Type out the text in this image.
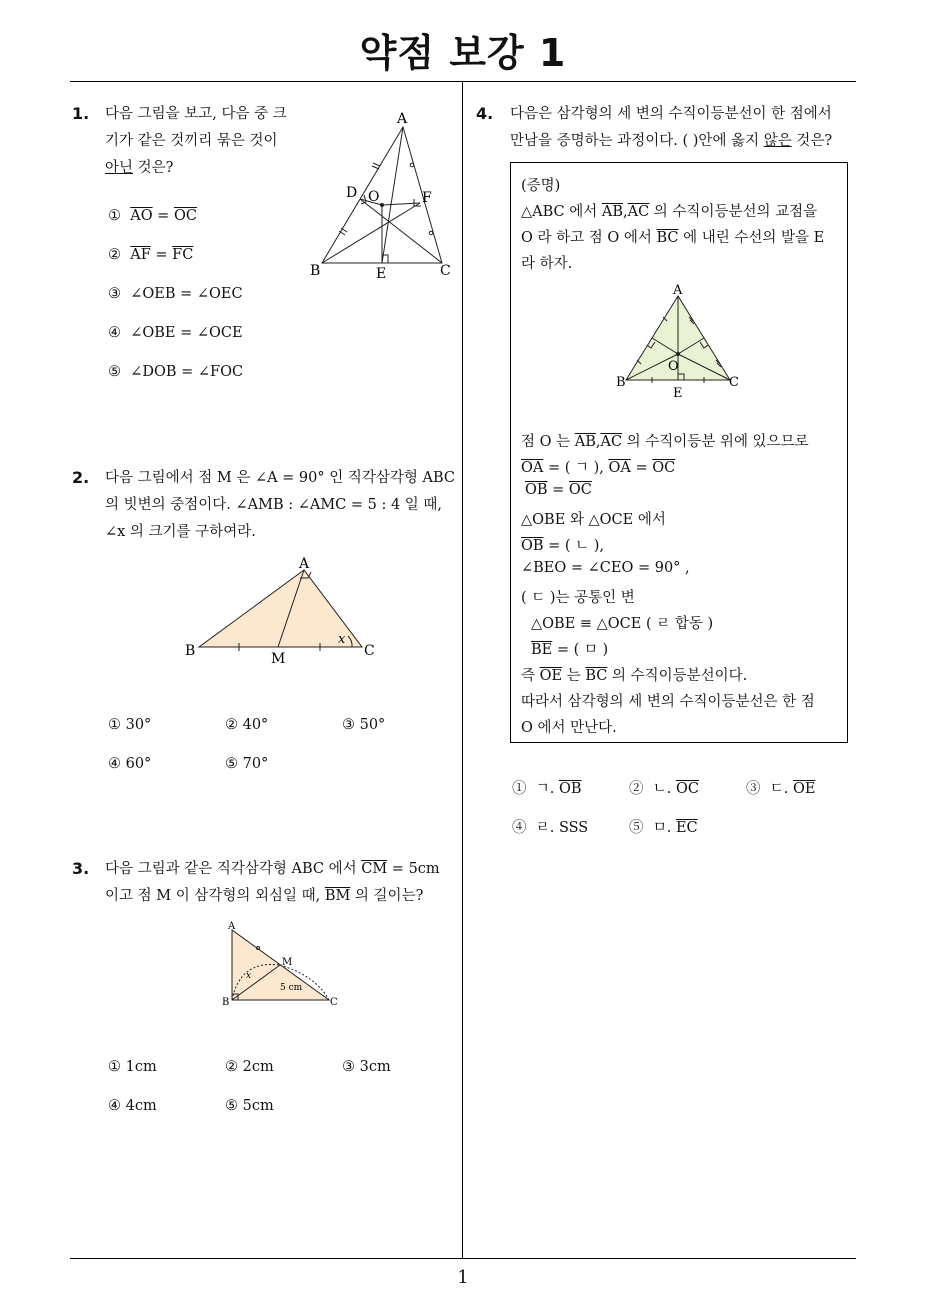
약점 보강 1
1. 다음 그림을 보고, 다음 중 크
기가 같은 것끼리 묶은 것이
아닌 것은?
① $\overline{AO} = \overline{OC}$
② $\overline{AF} = \overline{FC}$
③ ∠OEB = ∠OEC
④ ∠OBE = ∠OCE
⑤ ∠DOB = ∠FOC
A
B	C
D
E
F
O
2. 다음 그림에서 점 M 은 ∠A = 90° 인 직각삼각형 ABC
의 빗변의 중점이다. ∠AMB : ∠AMC = 5 : 4 일 때,
∠x 의 크기를 구하여라.
A
B	C
M
x
① 30°	② 40°	③ 50°
④ 60°	⑤ 70°
3. 다음 그림과 같은 직각삼각형 ABC 에서 $\overline{CM} = 5cm$
이고 점 M 이 삼각형의 외심일 때, $\overline{BM}$ 의 길이는?
A
B	C
M
x
5 cm
① 1cm	② 2cm	③ 3cm
④ 4cm	⑤ 5cm
4. 다음은 삼각형의 세 변의 수직이등분선이 한 점에서
만남을 증명하는 과정이다. ( )안에 옳지 않은 것은?
(증명)
△ABC 에서 $\overline{AB},\overline{AC}$ 의 수직이등분선의 교점을
O 라 하고 점 O 에서 $\overline{BC}$ 에 내린 수선의 발을 E
라 하자.
A
B	C
E
O
점 O 는 $\overline{AB},\overline{AC}$ 의 수직이등분 위에 있으므로
$\overline{OA}$ = ( ㄱ ), $\overline{OA} = \overline{OC}$
$\overline{OB} = \overline{OC}$
△OBE 와 △OCE 에서
$\overline{OB}$ = ( ㄴ ),
∠BEO = ∠CEO = 90° ,
( ㄷ )는 공통인 변
△OBE ≡ △OCE ( ㄹ 합동 )
$\overline{BE}$ = ( ㅁ )
즉 $\overline{OE}$ 는 $\overline{BC}$ 의 수직이등분선이다.
따라서 삼각형의 세 변의 수직이등분선은 한 점
O 에서 만난다.
① ㄱ. $\overline{OB}$	② ㄴ. $\overline{OC}$	③ ㄷ. $\overline{OE}$
④ ㄹ. SSS	⑤ ㅁ. $\overline{EC}$
1
